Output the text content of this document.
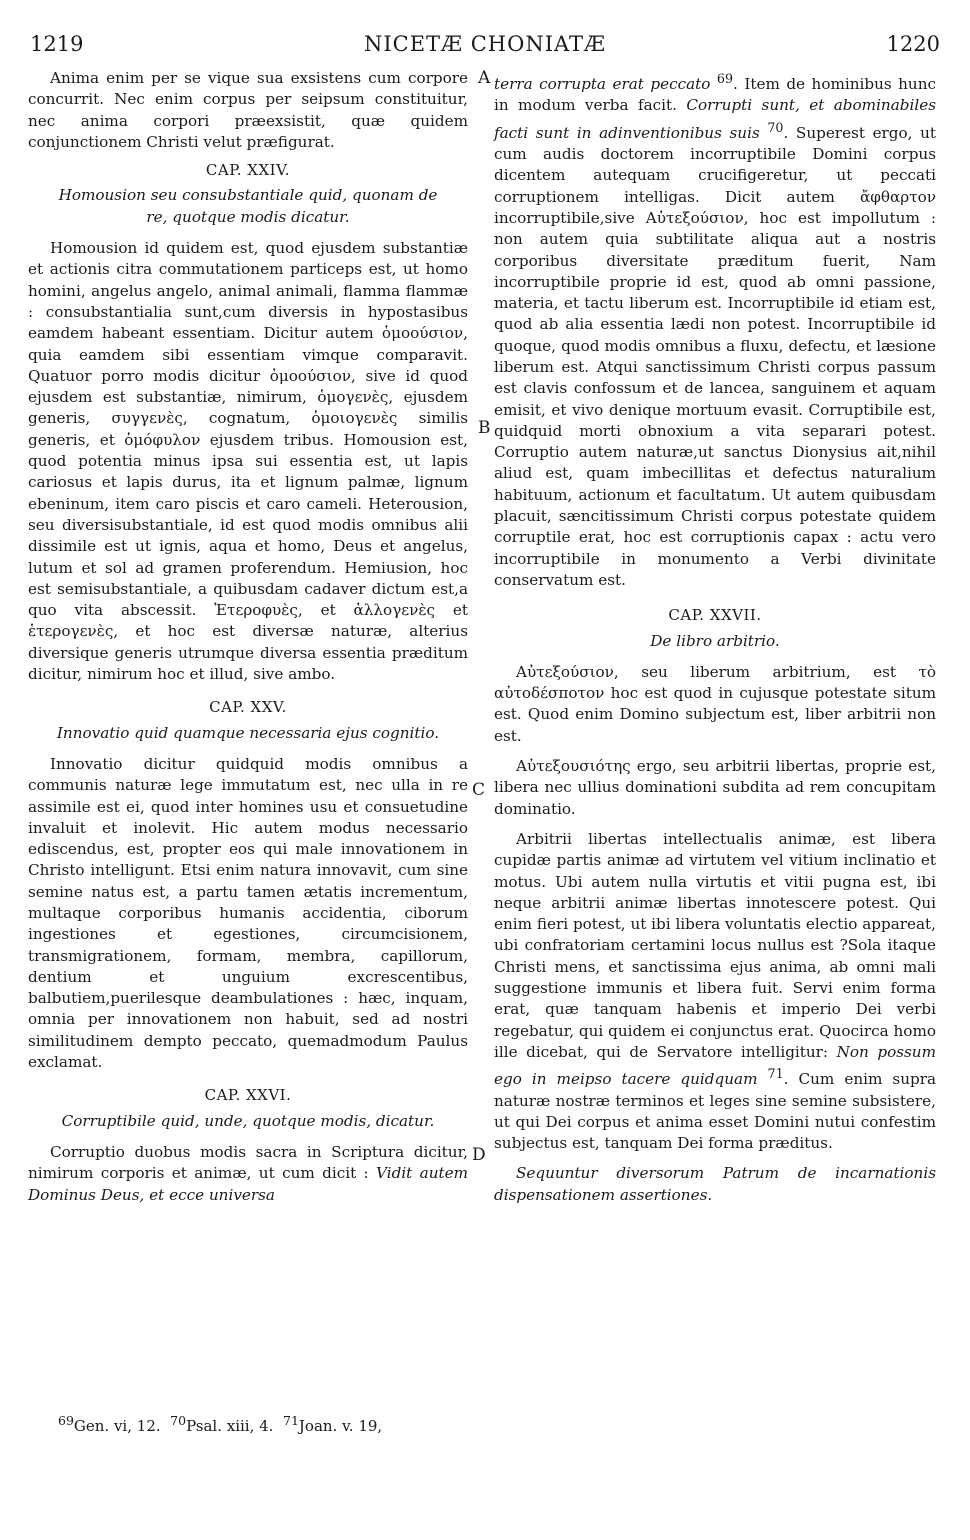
1219	NICETÆ CHONIATÆ	1220
A
B
C
D

Anima enim per se vique sua exsistens cum corpore concurrit. Nec enim corpus per seipsum constituitur, nec anima corpori præexsistit, quæ quidem conjunctionem Christi velut præfigurat.

CAP. XXIV.
Homousion seu consubstantiale quid, quonam de re, quotque modis dicatur.

Homousion id quidem est, quod ejusdem substantiæ et actionis citra commutationem particeps est, ut homo homini, angelus angelo, animal animali, flamma flammæ : consubstantialia sunt,cum diversis in hypostasibus eamdem habeant essentiam. Dicitur autem ὁμοούσιον, quia eamdem sibi essentiam vimque comparavit. Quatuor porro modis dicitur ὁμοούσιον, sive id quod ejusdem est substantiæ, nimirum, ὁμογενὲς, ejusdem generis, συγγενὲς, cognatum, ὁμοιογενὲς similis generis, et ὁμόφυλον ejusdem tribus. Homousion est, quod potentia minus ipsa sui essentia est, ut lapis cariosus et lapis durus, ita et lignum palmæ, lignum ebeninum, item caro piscis et caro cameli. Heterousion, seu diversisubstantiale, id est quod modis omnibus alii dissimile est ut ignis, aqua et homo, Deus et angelus, lutum et sol ad gramen proferendum. Hemiusion, hoc est semisubstantiale, a quibusdam cadaver dictum est,a quo vita abscessit. Ἑτεροφυὲς, et ἀλλογενὲς et ἑτερογενὲς, et hoc est diversæ naturæ, alterius diversique generis utrumque diversa essentia præditum dicitur, nimirum hoc et illud, sive ambo.

CAP. XXV.
Innovatio quid quamque necessaria ejus cognitio.

Innovatio dicitur quidquid modis omnibus a communis naturæ lege immutatum est, nec ulla in re assimile est ei, quod inter homines usu et consuetudine invaluit et inolevit. Hic autem modus necessario ediscendus, est, propter eos qui male innovationem in Christo intelligunt. Etsi enim natura innovavit, cum sine semine natus est, a partu tamen ætatis incrementum, multaque corporibus humanis accidentia, ciborum ingestiones et egestiones, circumcisionem, transmigrationem, formam, membra, capillorum, dentium et unguium excrescentibus, balbutiem,puerilesque deambulationes : hæc, inquam, omnia per innovationem non habuit, sed ad nostri similitudinem dempto peccato, quemadmodum Paulus exclamat.

CAP. XXVI.
Corruptibile quid, unde, quotque modis, dicatur.

Corruptio duobus modis sacra in Scriptura dicitur, nimirum corporis et animæ, ut cum dicit : Vidit autem Dominus Deus, et ecce universa

terra corrupta erat peccato $^{69}$. Item de hominibus hunc in modum verba facit. Corrupti sunt, et abominabiles facti sunt in adinventionibus suis $^{70}$. Superest ergo, ut cum audis doctorem incorruptibile Domini corpus dicentem autequam crucifigeretur, ut peccati corruptionem intelligas. Dicit autem ἄφθαρτον incorruptibile,sive Αὐτεξούσιον, hoc est impollutum : non autem quia subtilitate aliqua aut a nostris corporibus diversitate præditum fuerit, Nam incorruptibile proprie id est, quod ab omni passione, materia, et tactu liberum est. Incorruptibile id etiam est, quod ab alia essentia lædi non potest. Incorruptibile id quoque, quod modis omnibus a fluxu, defectu, et læsione liberum est. Atqui sanctissimum Christi corpus passum est clavis confossum et de lancea, sanguinem et aquam emisit, et vivo denique mortuum evasit. Corruptibile est, quidquid morti obnoxium a vita separari potest. Corruptio autem naturæ,ut sanctus Dionysius ait,nihil aliud est, quam imbecillitas et defectus naturalium habituum, actionum et facultatum. Ut autem quibusdam placuit, sæncitissimum Christi corpus potestate quidem corruptile erat, hoc est corruptionis capax : actu vero incorruptibile in monumento a Verbi divinitate conservatum est.

CAP. XXVII.
De libro arbitrio.

Αὐτεξούσιον, seu liberum arbitrium, est τὸ αὐτοδέσποτον hoc est quod in cujusque potestate situm est. Quod enim Domino subjectum est, liber arbitrii non est.

Αὐτεξουσιότης ergo, seu arbitrii libertas, proprie est, libera nec ullius dominationi subdita ad rem concupitam dominatio.

Arbitrii libertas intellectualis animæ, est libera cupidæ partis animæ ad virtutem vel vitium inclinatio et motus. Ubi autem nulla virtutis et vitii pugna est, ibi neque arbitrii animæ libertas innotescere potest. Qui enim fieri potest, ut ibi libera voluntatis electio appareat, ubi confratoriam certamini locus nullus est ?Sola itaque Christi mens, et sanctissima ejus anima, ab omni mali suggestione immunis et libera fuit. Servi enim forma erat, quæ tanquam habenis et imperio Dei verbi regebatur, qui quidem ei conjunctus erat. Quocirca homo ille dicebat, qui de Servatore intelligitur: Non possum ego in meipso tacere quidquam $^{71}$. Cum enim supra naturæ nostræ terminos et leges sine semine subsistere, ut qui Dei corpus et anima esset Domini nutui confestim subjectus est, tanquam Dei forma præditus.

Sequuntur diversorum Patrum de incarnationis dispensationem assertiones.

$^{69}$Gen. vi, 12. $^{70}$Psal. xiii, 4. $^{71}$Joan. v. 19,
